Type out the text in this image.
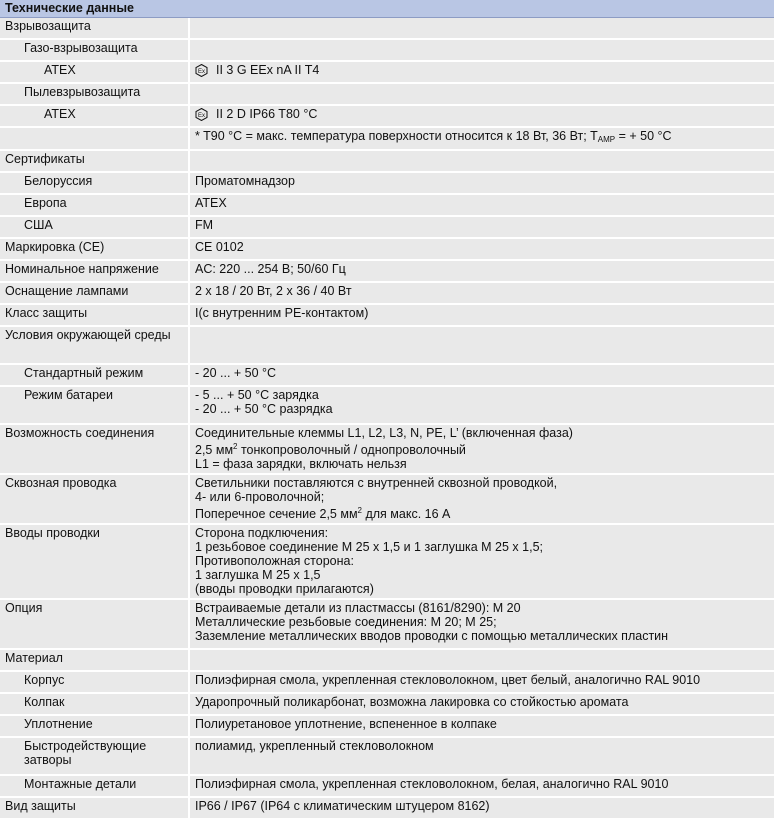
Технические данные
Взрывозащита	
Газо-взрывозащита	
ATEX	Ex II 3 G EEx nA II T4
Пылевзрывозащита	
ATEX	Ex II 2 D IP66 T80 °C
	* T90 °C = макс. температура поверхности относится к 18 Вт, 36 Вт; $T_{AMP}$ = + 50 °C
Сертификаты	
Белоруссия	Проматомнадзор
Европа	ATEX
США	FM
Маркировка (CE)	CE 0102
Номинальное напряжение	AC: 220 ... 254 В; 50/60 Гц
Оснащение лампами	2 x 18 / 20 Вт, 2 x 36 / 40 Вт
Класс защиты	I(с внутренним PE-контактом)
Условия окружающей среды	
Стандартный режим	- 20 ... + 50 °C
Режим батареи	- 5 ... + 50 °C зарядка
- 20 ... + 50 °C разрядка

Возможность соединения	Соединительные клеммы L1, L2, L3, N, PE, L’ (включенная фаза)
2,5 $мм^2$ тонкопроволочный / однопроволочный
L1 = фаза зарядки, включать нельзя

Сквозная проводка	Светильники поставляются с внутренней сквозной проводкой,
4- или 6-проволочной;
Поперечное сечение 2,5 $мм^2$ для макс. 16 А

Вводы проводки	Сторона подключения:
1 резьбовое соединение M 25 x 1,5 и 1 заглушка M 25 x 1,5;
Противоположная сторона:
1 заглушка M 25 x 1,5
(вводы проводки прилагаются)

Опция	Встраиваемые детали из пластмассы (8161/8290): M 20
Металлические резьбовые соединения: M 20; M 25;
Заземление металлических вводов проводки с помощью металлических пластин

Материал	
Корпус	Полиэфирная смола, укрепленная стекловолокном, цвет белый, аналогично RAL 9010
Колпак	Ударопрочный поликарбонат, возможна лакировка со стойкостью аромата
Уплотнение	Полиуретановое уплотнение, вспененное в колпаке
Быстродействующие затворы	полиамид, укрепленный стекловолокном
Монтажные детали	Полиэфирная смола, укрепленная стекловолокном, белая, аналогично RAL 9010
Вид защиты	IP66 / IP67 (IP64 с климатическим штуцером 8162)
